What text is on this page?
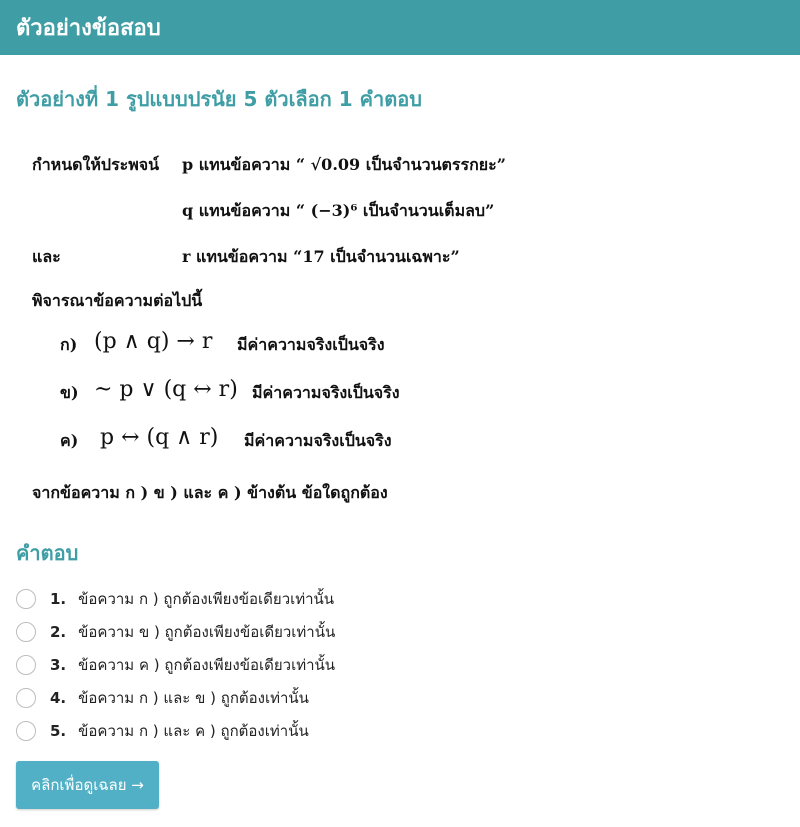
ตัวอย่างข้อสอบ
ตัวอย่างที่ 1 รูปแบบปรนัย 5 ตัวเลือก 1 คำตอบ
กำหนดให้ประพจน์ p แทนข้อความ “ √0.09 เป็นจำนวนตรรกยะ”
q แทนข้อความ “ (−3)⁶ เป็นจำนวนเต็มลบ”
และ	r แทนข้อความ “17 เป็นจำนวนเฉพาะ”
พิจารณาข้อความต่อไปนี้
ก) (p ∧ q) → r มีค่าความจริงเป็นจริง
ข) ~ p ∨ (q ↔ r) มีค่าความจริงเป็นจริง
ค) p ↔ (q ∧ r) มีค่าความจริงเป็นจริง
จากข้อความ ก ) ข ) และ ค ) ข้างต้น ข้อใดถูกต้อง
คำตอบ
1. ข้อความ ก ) ถูกต้องเพียงข้อเดียวเท่านั้น
2. ข้อความ ข ) ถูกต้องเพียงข้อเดียวเท่านั้น
3. ข้อความ ค ) ถูกต้องเพียงข้อเดียวเท่านั้น
4. ข้อความ ก ) และ ข ) ถูกต้องเท่านั้น
5. ข้อความ ก ) และ ค ) ถูกต้องเท่านั้น
คลิกเพื่อดูเฉลย →
